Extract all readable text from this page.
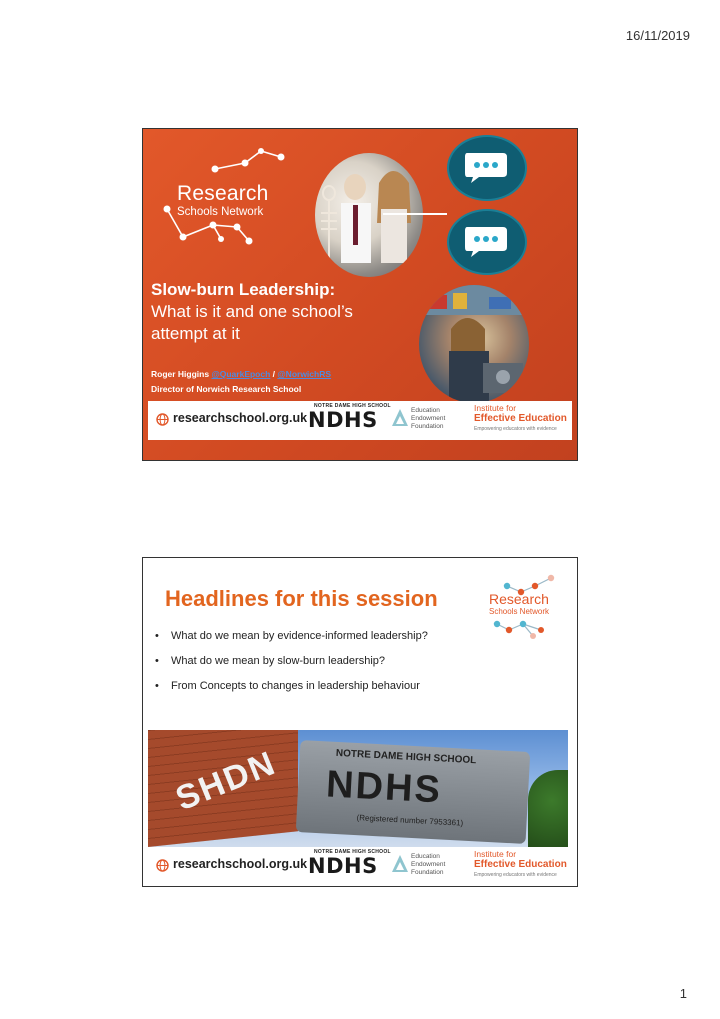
16/11/2019
Research
Schools Network
Slow-burn Leadership:
What is it and one school’s
attempt at it
Roger Higgins @QuarkEpoch / @NorwichRS
Director of Norwich Research School
researchschool.org.uk
NOTRE DAME HIGH SCHOOL
NDHS	Education
Endowment
Foundation
Institute for
Effective Education
Empowering educators with evidence
Headlines for this session	Research
Schools Network
• What do we mean by evidence-informed leadership?
• What do we mean by slow-burn leadership?
• From Concepts to changes in leadership behaviour
SHDN	NOTRE DAME HIGH SCHOOL
NDHS
(Registered number 7953361)
researchschool.org.uk
NOTRE DAME HIGH SCHOOL
NDHS	Education
Endowment
Foundation
Institute for
Effective Education
Empowering educators with evidence
1
